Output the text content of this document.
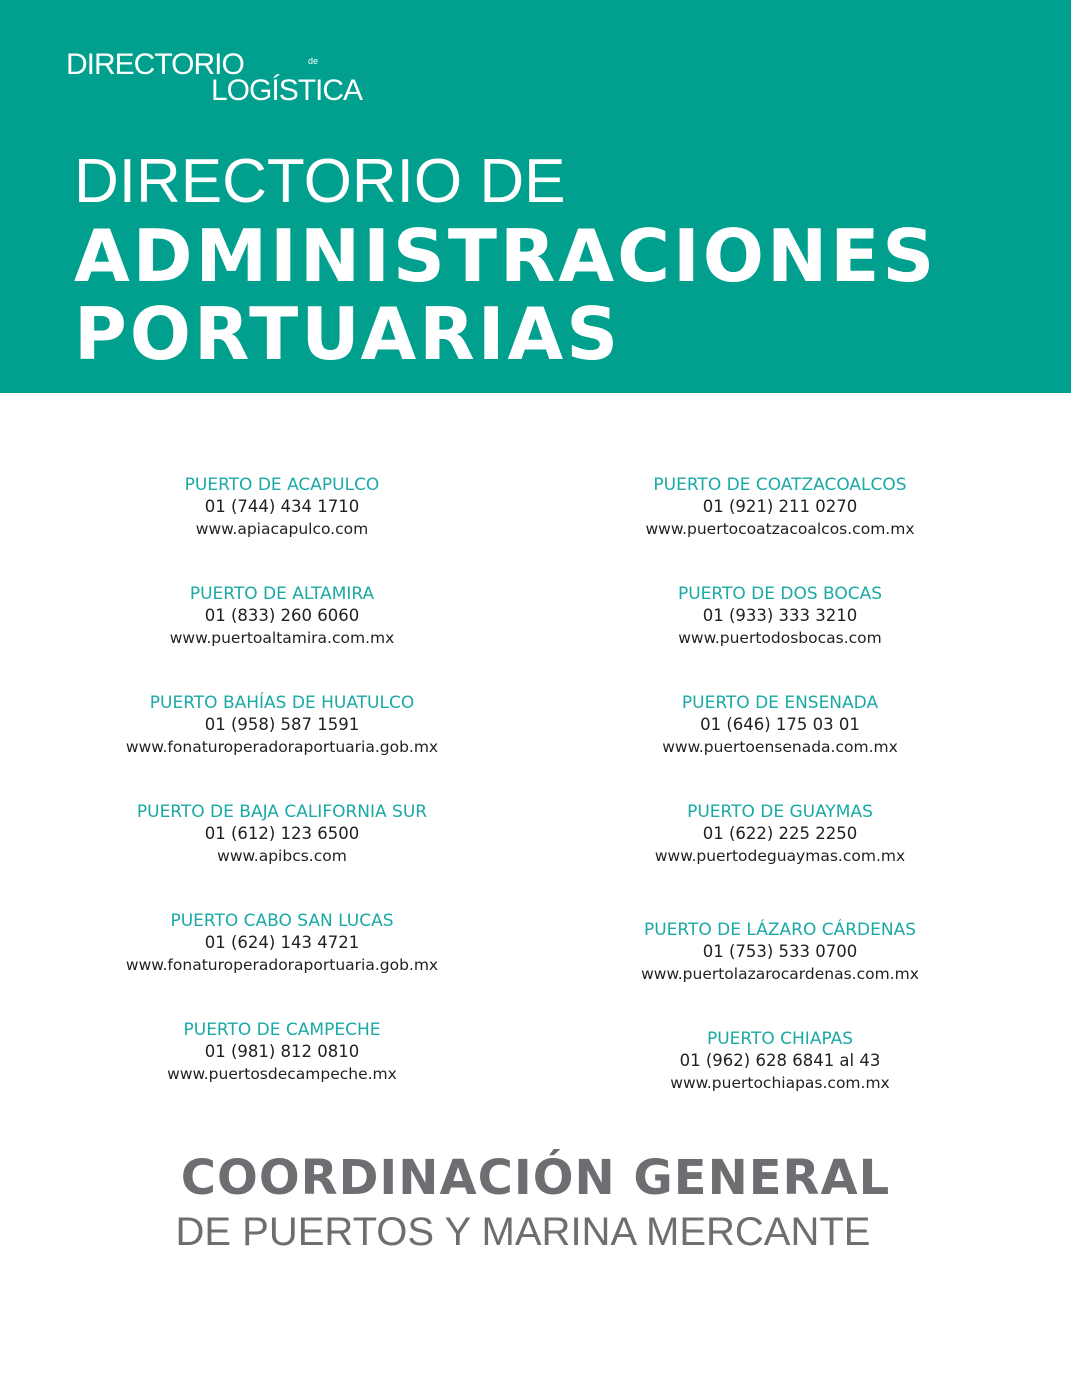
DIRECTORIO	de
LOGÍSTICA
DIRECTORIO DE
ADMINISTRACIONES
PORTUARIAS
PUERTO DE ACAPULCO
01 (744) 434 1710
www.apiacapulco.com
PUERTO DE ALTAMIRA
01 (833) 260 6060
www.puertoaltamira.com.mx
PUERTO BAHÍAS DE HUATULCO
01 (958) 587 1591
www.fonaturoperadoraportuaria.gob.mx
PUERTO DE BAJA CALIFORNIA SUR
01 (612) 123 6500
www.apibcs.com
PUERTO CABO SAN LUCAS
01 (624) 143 4721
www.fonaturoperadoraportuaria.gob.mx
PUERTO DE CAMPECHE
01 (981) 812 0810
www.puertosdecampeche.mx
PUERTO DE COATZACOALCOS
01 (921) 211 0270
www.puertocoatzacoalcos.com.mx
PUERTO DE DOS BOCAS
01 (933) 333 3210
www.puertodosbocas.com
PUERTO DE ENSENADA
01 (646) 175 03 01
www.puertoensenada.com.mx
PUERTO DE GUAYMAS
01 (622) 225 2250
www.puertodeguaymas.com.mx
PUERTO DE LÁZARO CÁRDENAS
01 (753) 533 0700
www.puertolazarocardenas.com.mx
PUERTO CHIAPAS
01 (962) 628 6841 al 43
www.puertochiapas.com.mx
COORDINACIÓN GENERAL
DE PUERTOS Y MARINA MERCANTE
